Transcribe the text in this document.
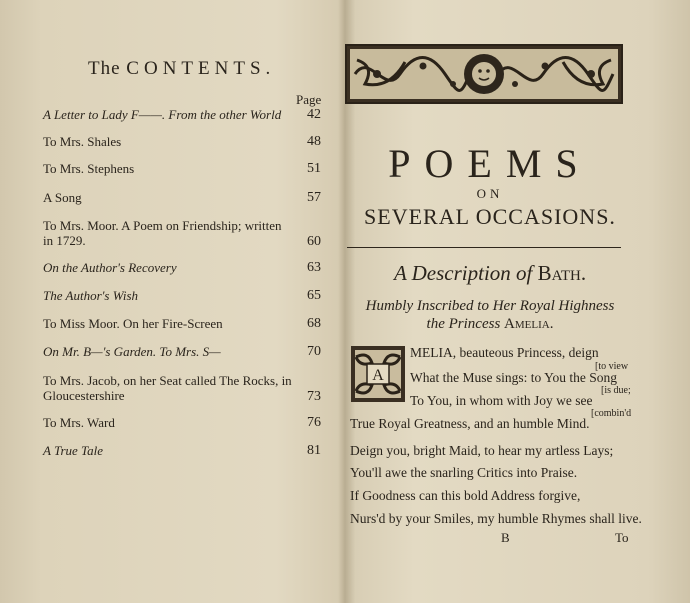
The CONTENTS.
Page
A Letter to Lady F——. From the other World	42
To Mrs. Shales	48
To Mrs. Stephens	51
A Song	57
To Mrs. Moor. A Poem on Friendship; written in 1729.	60
On the Author's Recovery	63
The Author's Wish	65
To Miss Moor. On her Fire-Screen	68
On Mr. B—'s Garden. To Mrs. S—	70
To Mrs. Jacob, on her Seat called The Rocks, in Gloucestershire	73
To Mrs. Ward	76
A True Tale	81
POEMS
ON
SEVERAL OCCASIONS.
A Description of Bath.
Humbly Inscribed to Her Royal Highness
the Princess Amelia.
A
MELIA, beauteous Princess, deign
[to view
What the Muse sings: to You the Song
[is due;
To You, in whom with Joy we see
[combin'd
True Royal Greatness, and an humble Mind.
Deign you, bright Maid, to hear my artless Lays;
You'll awe the snarling Critics into Praise.
If Goodness can this bold Address forgive,
Nurs'd by your Smiles, my humble Rhymes shall live.
B	To
